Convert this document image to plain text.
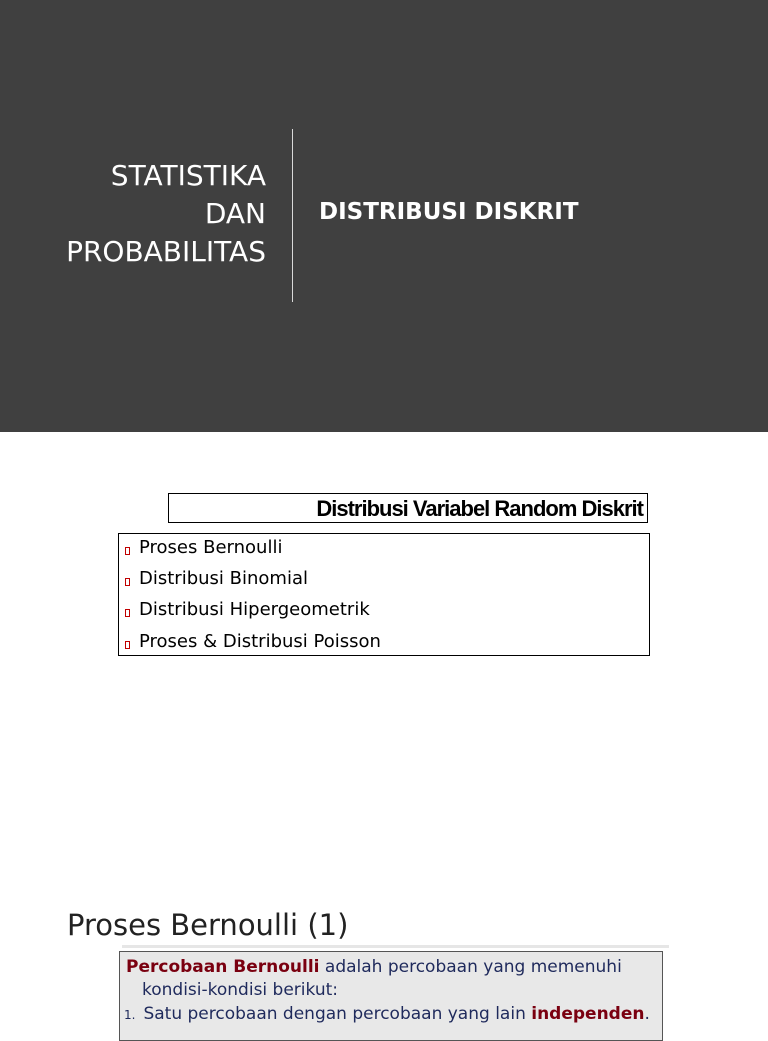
STATISTIKA
DAN
PROBABILITAS
DISTRIBUSI DISKRIT
Distribusi Variabel Random Diskrit
Proses Bernoulli
Distribusi Binomial
Distribusi Hipergeometrik
Proses & Distribusi Poisson
Proses Bernoulli (1)
Percobaan Bernoulli adalah percobaan yang memenuhi
kondisi-kondisi berikut:
1. Satu percobaan dengan percobaan yang lain independen.
